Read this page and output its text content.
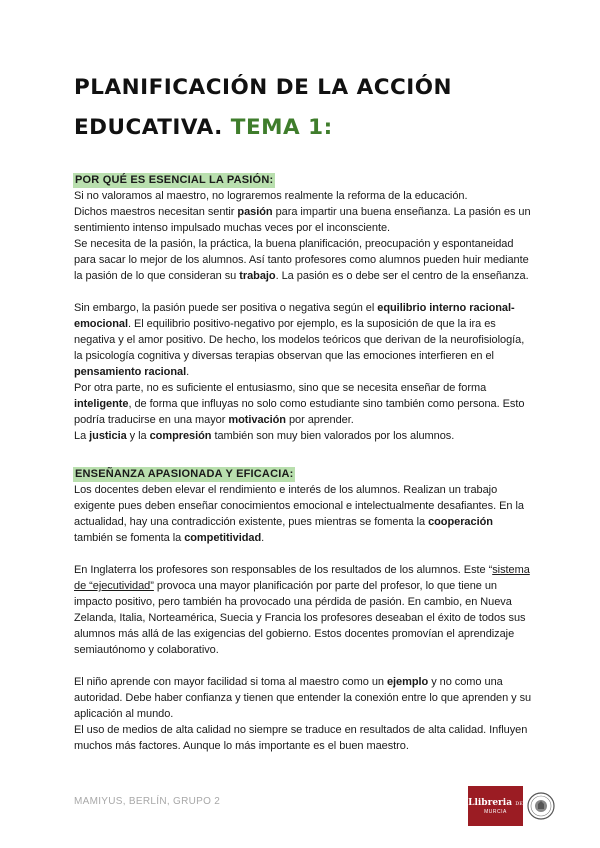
PLANIFICACIÓN DE LA ACCIÓN EDUCATIVA. TEMA 1:
POR QUÉ ES ESENCIAL LA PASIÓN:

Si no valoramos al maestro, no lograremos realmente la reforma de la educación.

Dichos maestros necesitan sentir pasión para impartir una buena enseñanza. La pasión es un sentimiento intenso impulsado muchas veces por el inconsciente.

Se necesita de la pasión, la práctica, la buena planificación, preocupación y espontaneidad para sacar lo mejor de los alumnos. Así tanto profesores como alumnos pueden huir mediante la pasión de lo que consideran su trabajo. La pasión es o debe ser el centro de la enseñanza.

Sin embargo, la pasión puede ser positiva o negativa según el equilibrio interno racional-emocional. El equilibrio positivo-negativo por ejemplo, es la suposición de que la ira es negativa y el amor positivo. De hecho, los modelos teóricos que derivan de la neurofisiología, la psicología cognitiva y diversas terapias observan que las emociones interfieren en el pensamiento racional.

Por otra parte, no es suficiente el entusiasmo, sino que se necesita enseñar de forma inteligente, de forma que influyas no solo como estudiante sino también como persona. Esto podría traducirse en una mayor motivación por aprender.

La justicia y la compresión también son muy bien valorados por los alumnos.

ENSEÑANZA APASIONADA Y EFICACIA:

Los docentes deben elevar el rendimiento e interés de los alumnos. Realizan un trabajo exigente pues deben enseñar conocimientos emocional e intelectualmente desafiantes. En la actualidad, hay una contradicción existente, pues mientras se fomenta la cooperación también se fomenta la competitividad.

En Inglaterra los profesores son responsables de los resultados de los alumnos. Este “sistema de “ejecutividad” provoca una mayor planificación por parte del profesor, lo que tiene un impacto positivo, pero también ha provocado una pérdida de pasión. En cambio, en Nueva Zelanda, Italia, Norteamérica, Suecia y Francia los profesores deseaban el éxito de todos sus alumnos más allá de las exigencias del gobierno. Estos docentes promovían el aprendizaje semiautónomo y colaborativo.

El niño aprende con mayor facilidad si toma al maestro como un ejemplo y no como una autoridad. Debe haber confianza y tienen que entender la conexión entre lo que aprenden y su aplicación al mundo.

El uso de medios de alta calidad no siempre se traduce en resultados de alta calidad. Influyen muchos más factores. Aunque lo más importante es el buen maestro.

MAMIYUS, BERLÍN, GRUPO 2	Llibreria DE
MURCIA
